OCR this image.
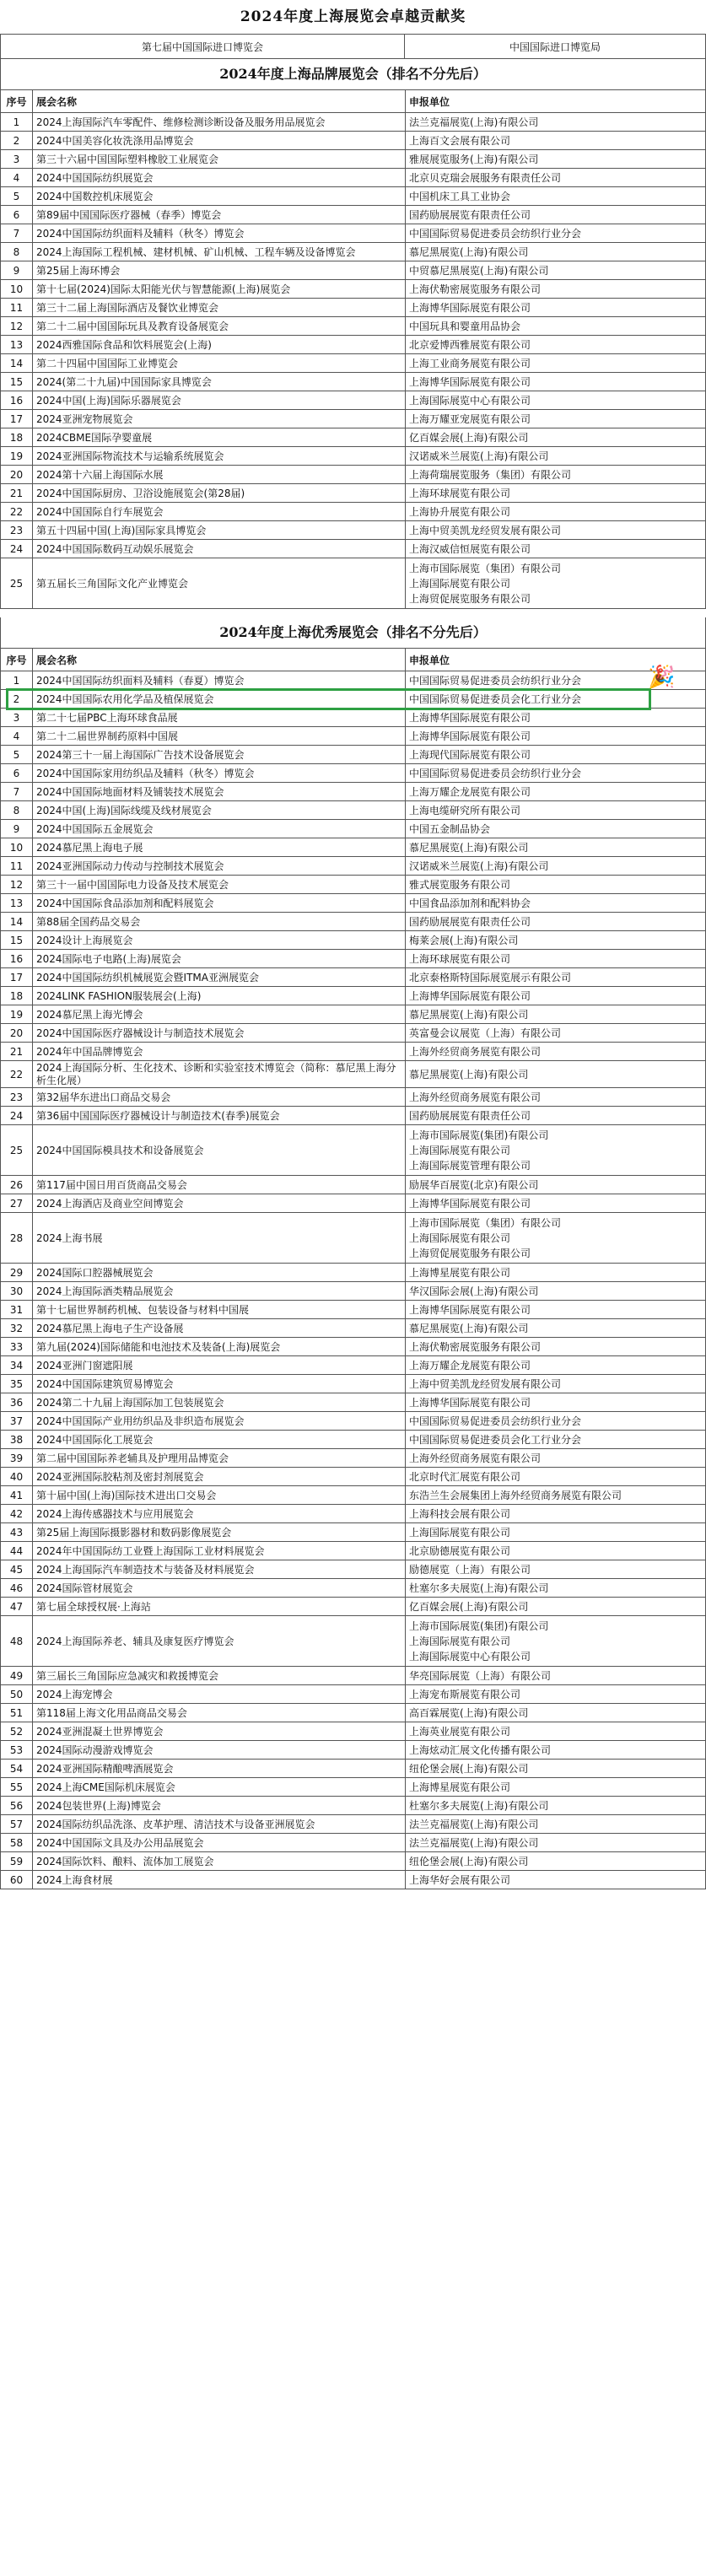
2024年度上海展览会卓越贡献奖
第七届中国国际进口博览会	中国国际进口博览局
2024年度上海品牌展览会（排名不分先后）
序号	展会名称	申报单位
1	2024上海国际汽车零配件、维修检测诊断设备及服务用品展览会	法兰克福展览(上海)有限公司
2	2024中国美容化妆洗涤用品博览会	上海百文会展有限公司
3	第三十六届中国国际塑料橡胶工业展览会	雅展展览服务(上海)有限公司
4	2024中国国际纺织展览会	北京贝克瑞会展服务有限责任公司
5	2024中国数控机床展览会	中国机床工具工业协会
6	第89届中国国际医疗器械（春季）博览会	国药励展展览有限责任公司
7	2024中国国际纺织面料及辅料（秋冬）博览会	中国国际贸易促进委员会纺织行业分会
8	2024上海国际工程机械、建材机械、矿山机械、工程车辆及设备博览会	慕尼黑展览(上海)有限公司
9	第25届上海环博会	中贸慕尼黑展览(上海)有限公司
10	第十七届(2024)国际太阳能光伏与智慧能源(上海)展览会	上海伏勒密展览服务有限公司
11	第三十二届上海国际酒店及餐饮业博览会	上海博华国际展览有限公司
12	第二十二届中国国际玩具及教育设备展览会	中国玩具和婴童用品协会
13	2024西雅国际食品和饮料展览会(上海)	北京爱博西雅展览有限公司
14	第二十四届中国国际工业博览会	上海工业商务展览有限公司
15	2024(第二十九届)中国国际家具博览会	上海博华国际展览有限公司
16	2024中国(上海)国际乐器展览会	上海国际展览中心有限公司
17	2024亚洲宠物展览会	上海万耀亚宠展览有限公司
18	2024CBME国际孕婴童展	亿百媒会展(上海)有限公司
19	2024亚洲国际物流技术与运输系统展览会	汉诺威米兰展览(上海)有限公司
20	2024第十六届上海国际水展	上海荷瑞展览服务（集团）有限公司
21	2024中国国际厨房、卫浴设施展览会(第28届)	上海环球展览有限公司
22	2024中国国际自行车展览会	上海协升展览有限公司
23	第五十四届中国(上海)国际家具博览会	上海中贸美凯龙经贸发展有限公司
24	2024中国国际数码互动娱乐展览会	上海汉威信恒展览有限公司
25	第五届长三角国际文化产业博览会	上海市国际展览（集团）有限公司
上海国际展览有限公司
上海贸促展览服务有限公司
2024年度上海优秀展览会（排名不分先后）
序号	展会名称	申报单位
1	2024中国国际纺织面料及辅料（春夏）博览会	中国国际贸易促进委员会纺织行业分会
2	2024中国国际农用化学品及植保展览会	中国国际贸易促进委员会化工行业分会
3	第二十七届PBC上海环球食品展	上海博华国际展览有限公司
4	第二十二届世界制药原料中国展	上海博华国际展览有限公司
5	2024第三十一届上海国际广告技术设备展览会	上海现代国际展览有限公司
6	2024中国国际家用纺织品及辅料（秋冬）博览会	中国国际贸易促进委员会纺织行业分会
7	2024中国国际地面材料及铺装技术展览会	上海万耀企龙展览有限公司
8	2024中国(上海)国际线缆及线材展览会	上海电缆研究所有限公司
9	2024中国国际五金展览会	中国五金制品协会
10	2024慕尼黑上海电子展	慕尼黑展览(上海)有限公司
11	2024亚洲国际动力传动与控制技术展览会	汉诺威米兰展览(上海)有限公司
12	第三十一届中国国际电力设备及技术展览会	雅式展览服务有限公司
13	2024中国国际食品添加剂和配料展览会	中国食品添加剂和配料协会
14	第88届全国药品交易会	国药励展展览有限责任公司
15	2024设计上海展览会	梅莱会展(上海)有限公司
16	2024国际电子电路(上海)展览会	上海环球展览有限公司
17	2024中国国际纺织机械展览会暨ITMA亚洲展览会	北京泰格斯特国际展览展示有限公司
18	2024LINK FASHION服装展会(上海)	上海博华国际展览有限公司
19	2024慕尼黑上海光博会	慕尼黑展览(上海)有限公司
20	2024中国国际医疗器械设计与制造技术展览会	英富曼会议展览（上海）有限公司
21	2024年中国品牌博览会	上海外经贸商务展览有限公司
22	2024上海国际分析、生化技术、诊断和实验室技术博览会（简称：慕尼黑上海分析生化展）	慕尼黑展览(上海)有限公司
23	第32届华东进出口商品交易会	上海外经贸商务展览有限公司
24	第36届中国国际医疗器械设计与制造技术(春季)展览会	国药励展展览有限责任公司
25	2024中国国际模具技术和设备展览会	上海市国际展览(集团)有限公司
上海国际展览有限公司
上海国际展览管理有限公司
26	第117届中国日用百货商品交易会	励展华百展览(北京)有限公司
27	2024上海酒店及商业空间博览会	上海博华国际展览有限公司
28	2024上海书展	上海市国际展览（集团）有限公司
上海国际展览有限公司
上海贸促展览服务有限公司
29	2024国际口腔器械展览会	上海博星展览有限公司
30	2024上海国际酒类精品展览会	华汉国际会展(上海)有限公司
31	第十七届世界制药机械、包装设备与材料中国展	上海博华国际展览有限公司
32	2024慕尼黑上海电子生产设备展	慕尼黑展览(上海)有限公司
33	第九届(2024)国际储能和电池技术及装备(上海)展览会	上海伏勒密展览服务有限公司
34	2024亚洲门窗遮阳展	上海万耀企龙展览有限公司
35	2024中国国际建筑贸易博览会	上海中贸美凯龙经贸发展有限公司
36	2024第二十九届上海国际加工包装展览会	上海博华国际展览有限公司
37	2024中国国际产业用纺织品及非织造布展览会	中国国际贸易促进委员会纺织行业分会
38	2024中国国际化工展览会	中国国际贸易促进委员会化工行业分会
39	第二届中国国际养老辅具及护理用品博览会	上海外经贸商务展览有限公司
40	2024亚洲国际胶粘剂及密封剂展览会	北京时代汇展览有限公司
41	第十届中国(上海)国际技术进出口交易会	东浩兰生会展集团上海外经贸商务展览有限公司
42	2024上海传感器技术与应用展览会	上海科技会展有限公司
43	第25届上海国际摄影器材和数码影像展览会	上海国际展览有限公司
44	2024年中国国际纺工业暨上海国际工业材料展览会	北京励德展览有限公司
45	2024上海国际汽车制造技术与装备及材料展览会	励德展览（上海）有限公司
46	2024国际管材展览会	杜塞尔多夫展览(上海)有限公司
47	第七届全球授权展·上海站	亿百媒会展(上海)有限公司
48	2024上海国际养老、辅具及康复医疗博览会	上海市国际展览(集团)有限公司
上海国际展览有限公司
上海国际展览中心有限公司
49	第三届长三角国际应急减灾和救援博览会	华亮国际展览（上海）有限公司
50	2024上海宠博会	上海宠布斯展览有限公司
51	第118届上海文化用品商品交易会	高百霖展览(上海)有限公司
52	2024亚洲混凝土世界博览会	上海英业展览有限公司
53	2024国际动漫游戏博览会	上海炫动汇展文化传播有限公司
54	2024亚洲国际精酿啤酒展览会	纽伦堡会展(上海)有限公司
55	2024上海CME国际机床展览会	上海博星展览有限公司
56	2024包装世界(上海)博览会	杜塞尔多夫展览(上海)有限公司
57	2024国际纺织品洗涤、皮革护理、清洁技术与设备亚洲展览会	法兰克福展览(上海)有限公司
58	2024中国国际文具及办公用品展览会	法兰克福展览(上海)有限公司
59	2024国际饮料、酿料、流体加工展览会	纽伦堡会展(上海)有限公司
60	2024上海食材展	上海华好会展有限公司
🎉
